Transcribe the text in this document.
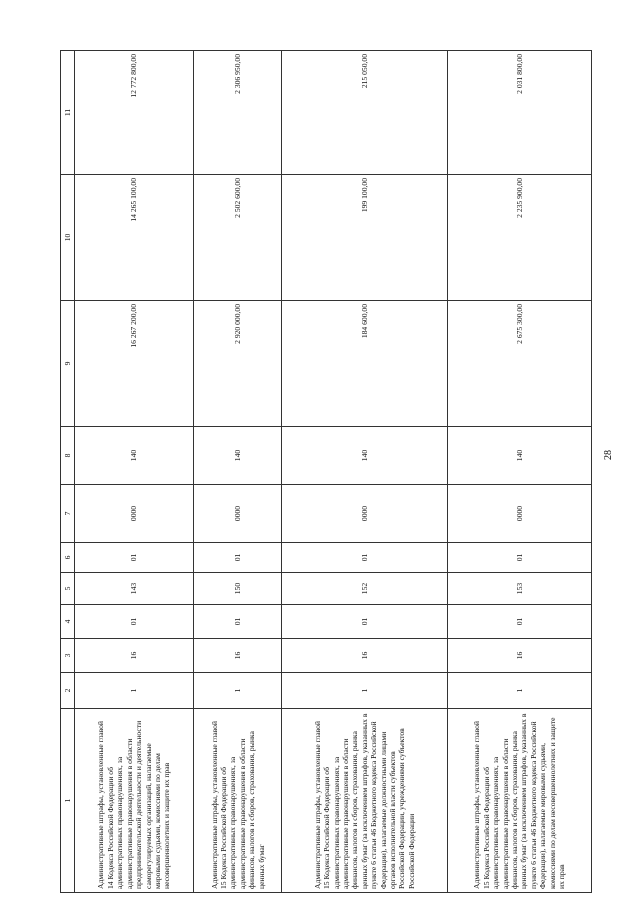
28
1	2	3	4	5	6	7	8	9	10	11
Административные штрафы, установленные главой 14 Кодекса Российской Федерации об административных правонарушениях, за административные правонарушения в области предпринимательской деятельности и деятельности саморегулируемых организаций, налагаемые мировыми судьями, комиссиями по делам несовершеннолетних и защите их прав	1	16	01	143	01	0000	140	16 267 200,00	14 265 100,00	12 772 800,00
Административные штрафы, установленные главой 15 Кодекса Российской Федерации об административных правонарушениях, за административные правонарушения в области финансов, налогов и сборов, страхования, рынка ценных бумаг	1	16	01	150	01	0000	140	2 920 000,00	2 502 600,00	2 306 950,00
Административные штрафы, установленные главой 15 Кодекса Российской Федерации об административных правонарушениях, за административные правонарушения в области финансов, налогов и сборов, страхования, рынка ценных бумаг (за исключением штрафов, указанных в пункте 6 статьи 46 Бюджетного кодекса Российской Федерации), налагаемые должностными лицами органов исполнительной власти субъектов Российской Федерации, учреждениями субъектов Российской Федерации	1	16	01	152	01	0000	140	184 600,00	199 100,00	215 050,00
Административные штрафы, установленные главой 15 Кодекса Российской Федерации об административных правонарушениях, за административные правонарушения в области финансов, налогов и сборов, страхования, рынка ценных бумаг (за исключением штрафов, указанных в пункте 6 статьи 46 Бюджетного кодекса Российской Федерации), налагаемые мировыми судьями, комиссиями по делам несовершеннолетних и защите их прав	1	16	01	153	01	0000	140	2 675 300,00	2 235 900,00	2 031 800,00
